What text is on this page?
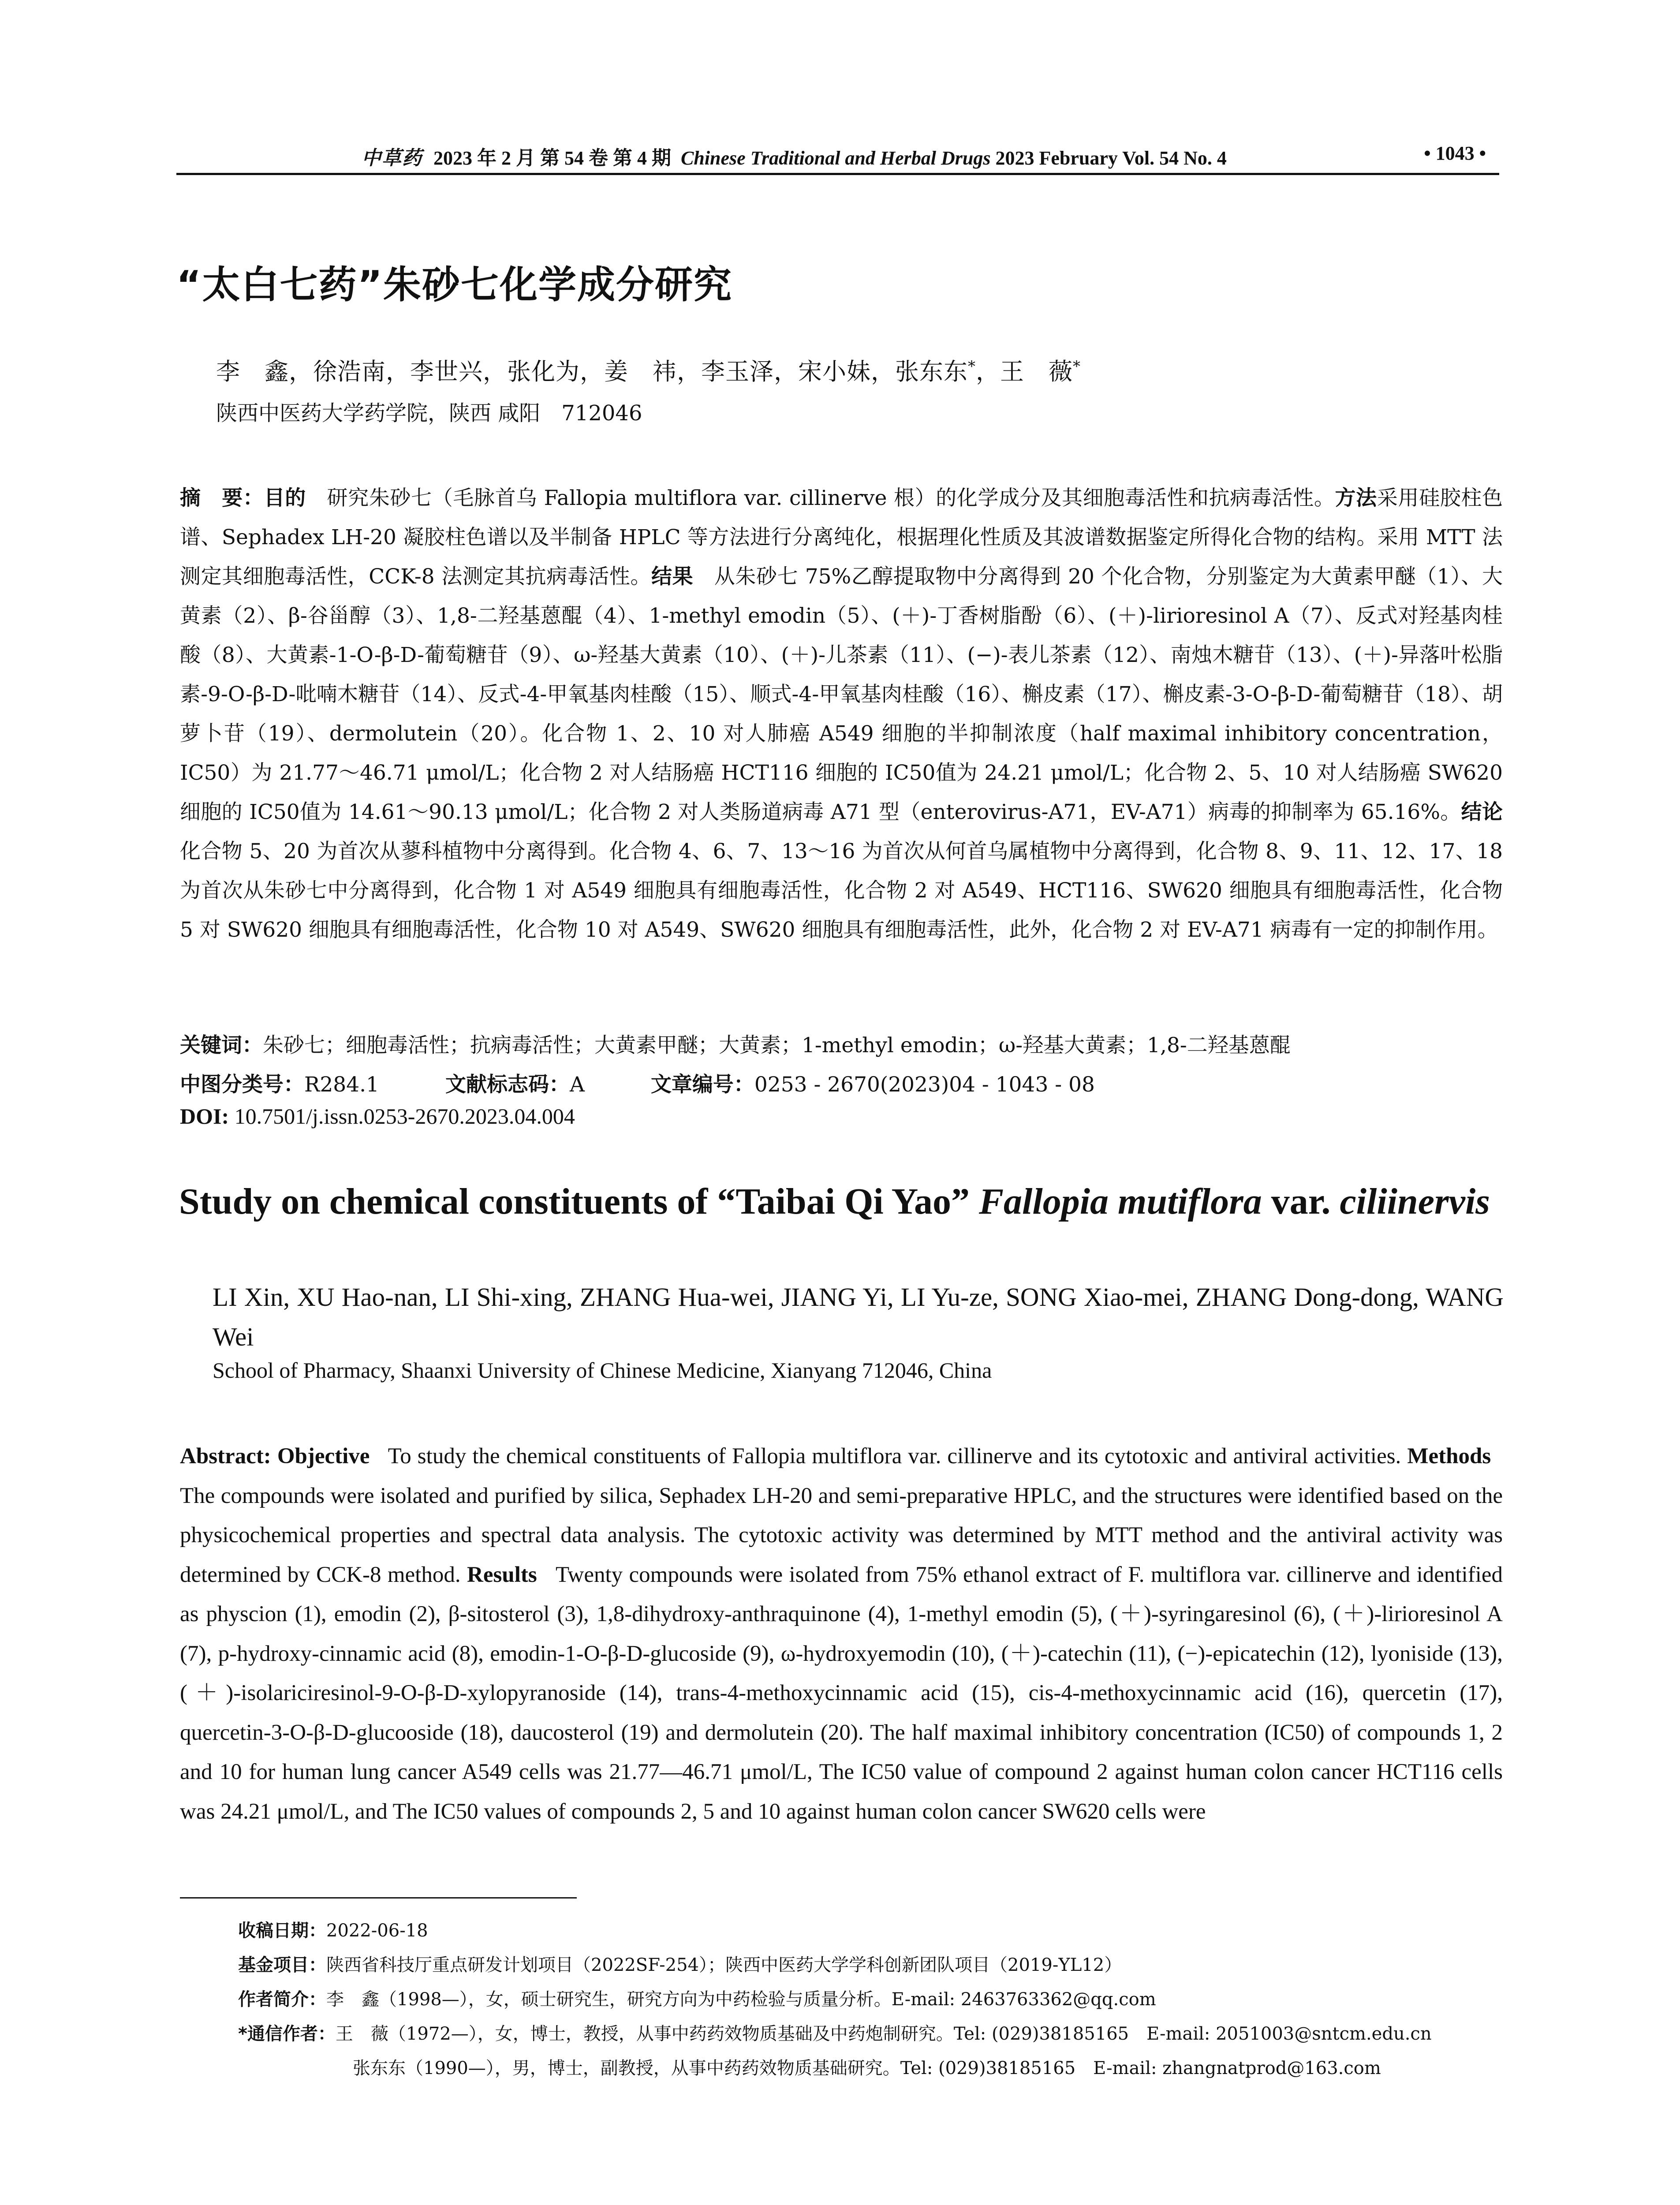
中草药 2023 年 2 月 第 54 卷 第 4 期 Chinese Traditional and Herbal Drugs 2023 February Vol. 54 No. 4	• 1043 •
“太白七药”朱砂七化学成分研究
李　鑫，徐浩南，李世兴，张化为，姜　祎，李玉泽，宋小妹，张东东*，王　薇*
陕西中医药大学药学院，陕西 咸阳　712046

摘　要：目的　 研究朱砂七（毛脉首乌 Fallopia multiflora var. cillinerve 根）的化学成分及其细胞毒活性和抗病毒活性。方法采用硅胶柱色谱、Sephadex LH-20 凝胶柱色谱以及半制备 HPLC 等方法进行分离纯化，根据理化性质及其波谱数据鉴定所得化合物的结构。采用 MTT 法测定其细胞毒活性，CCK-8 法测定其抗病毒活性。结果　 从朱砂七 75%乙醇提取物中分离得到 20 个化合物，分别鉴定为大黄素甲醚（1）、大黄素（2）、β-谷甾醇（3）、1,8-二羟基蒽醌（4）、1-methyl emodin（5）、(＋)-丁香树脂酚（6）、(＋)-lirioresinol A（7）、反式对羟基肉桂酸（8）、大黄素-1-O-β-D-葡萄糖苷（9）、ω-羟基大黄素（10）、(＋)-儿茶素（11）、(−)-表儿茶素（12）、南烛木糖苷（13）、(＋)-异落叶松脂素-9-O-β-D-吡喃木糖苷（14）、反式-4-甲氧基肉桂酸（15）、顺式-4-甲氧基肉桂酸（16）、槲皮素（17）、槲皮素-3-O-β-D-葡萄糖苷（18）、胡萝卜苷（19）、dermolutein（20）。化合物 1、2、10 对人肺癌 A549 细胞的半抑制浓度（half maximal inhibitory concentration，IC50）为 21.77～46.71 μmol/L；化合物 2 对人结肠癌 HCT116 细胞的 IC50值为 24.21 μmol/L；化合物 2、5、10 对人结肠癌 SW620 细胞的 IC50值为 14.61～90.13 μmol/L；化合物 2 对人类肠道病毒 A71 型（enterovirus-A71，EV-A71）病毒的抑制率为 65.16%。结论　化合物 5、20 为首次从蓼科植物中分离得到。化合物 4、6、7、13～16 为首次从何首乌属植物中分离得到，化合物 8、9、11、12、17、18 为首次从朱砂七中分离得到，化合物 1 对 A549 细胞具有细胞毒活性，化合物 2 对 A549、HCT116、SW620 细胞具有细胞毒活性，化合物 5 对 SW620 细胞具有细胞毒活性，化合物 10 对 A549、SW620 细胞具有细胞毒活性，此外，化合物 2 对 EV-A71 病毒有一定的抑制作用。

关键词：朱砂七；细胞毒活性；抗病毒活性；大黄素甲醚；大黄素；1-methyl emodin；ω-羟基大黄素；1,8-二羟基蒽醌
中图分类号：R284.1	文献标志码：A	文章编号：0253 - 2670(2023)04 - 1043 - 08
DOI: 10.7501/j.issn.0253-2670.2023.04.004
Study on chemical constituents of “Taibai Qi Yao” Fallopia mutiflora var. ciliinervis
LI Xin, XU Hao-nan, LI Shi-xing, ZHANG Hua-wei, JIANG Yi, LI Yu-ze, SONG Xiao-mei, ZHANG Dong-dong, WANG Wei
School of Pharmacy, Shaanxi University of Chinese Medicine, Xianyang 712046, China
Abstract: Objective To study the chemical constituents of Fallopia multiflora var. cillinerve and its cytotoxic and antiviral activities. Methods   The compounds were isolated and purified by silica, Sephadex LH-20 and semi-preparative HPLC, and the structures were identified based on the physicochemical properties and spectral data analysis. The cytotoxic activity was determined by MTT method and the antiviral activity was determined by CCK-8 method. Results Twenty compounds were isolated from 75% ethanol extract of F. multiflora var. cillinerve and identified as physcion (1), emodin (2), β-sitosterol (3), 1,8-dihydroxy-anthraquinone (4), 1-methyl emodin (5), (＋)-syringaresinol (6), (＋)-lirioresinol A (7), p-hydroxy-cinnamic acid (8), emodin-1-O-β-D-glucoside (9), ω-hydroxyemodin (10), (＋)-catechin (11), (−)-epicatechin (12), lyoniside (13), (＋)-isolariciresinol-9-O-β-D-xylopyranoside (14), trans-4-methoxycinnamic acid (15), cis-4-methoxycinnamic acid (16), quercetin (17), quercetin-3-O-β-D-glucooside (18), daucosterol (19) and dermolutein (20). The half maximal inhibitory concentration (IC50) of compounds 1, 2 and 10 for human lung cancer A549 cells was 21.77—46.71 μmol/L, The IC50 value of compound 2 against human colon cancer HCT116 cells was 24.21 μmol/L, and The IC50 values of compounds 2, 5 and 10 against human colon cancer SW620 cells were
收稿日期：2022-06-18
基金项目：陕西省科技厅重点研发计划项目（2022SF-254）；陕西中医药大学学科创新团队项目（2019-YL12）
作者简介：李　鑫（1998—），女，硕士研究生，研究方向为中药检验与质量分析。E-mail: 2463763362@qq.com
*通信作者：王　薇（1972—），女，博士，教授，从事中药药效物质基础及中药炮制研究。Tel: (029)38185165　E-mail: 2051003@sntcm.edu.cn
张东东（1990—），男，博士，副教授，从事中药药效物质基础研究。Tel: (029)38185165　E-mail: zhangnatprod@163.com
